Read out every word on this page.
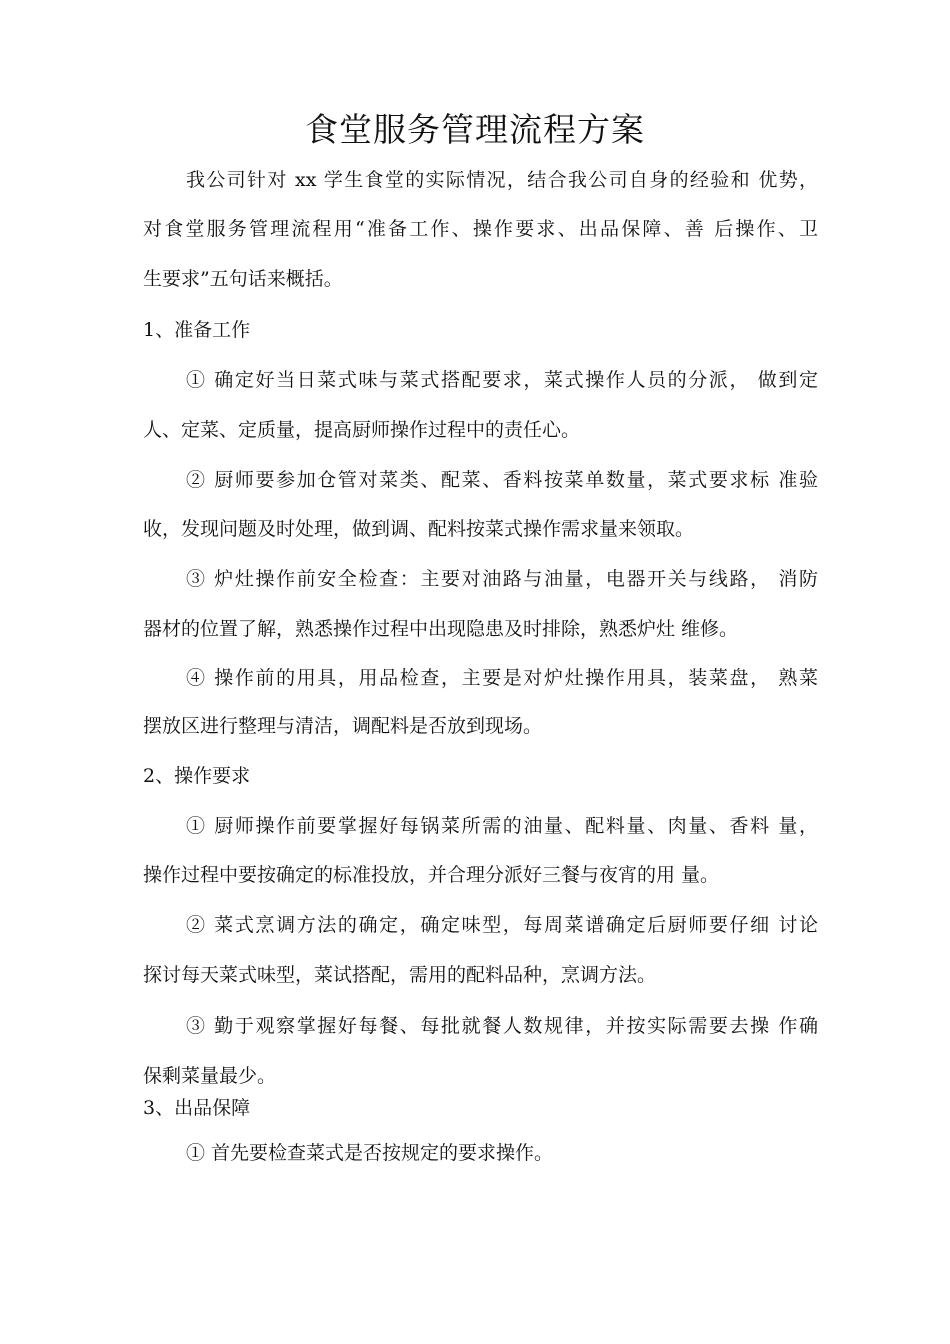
食堂服务管理流程方案
我公司针对 xx 学生食堂的实际情况，结合我公司自身的经验和 优势，
对食堂服务管理流程用“准备工作、操作要求、出品保障、善 后操作、卫
生要求”五句话来概括。
1、准备工作
① 确定好当日菜式味与菜式搭配要求，菜式操作人员的分派， 做到定
人、定菜、定质量，提高厨师操作过程中的责任心。
② 厨师要参加仓管对菜类、配菜、香料按菜单数量，菜式要求标 准验
收，发现问题及时处理，做到调、配料按菜式操作需求量来领取。
③ 炉灶操作前安全检查：主要对油路与油量，电器开关与线路， 消防
器材的位置了解，熟悉操作过程中出现隐患及时排除，熟悉炉灶 维修。
④ 操作前的用具，用品检查，主要是对炉灶操作用具，装菜盘， 熟菜
摆放区进行整理与清洁，调配料是否放到现场。
2、操作要求
① 厨师操作前要掌握好每锅菜所需的油量、配料量、肉量、香料 量，
操作过程中要按确定的标准投放，并合理分派好三餐与夜宵的用 量。
② 菜式烹调方法的确定，确定味型，每周菜谱确定后厨师要仔细 讨论
探讨每天菜式味型，菜试搭配，需用的配料品种，烹调方法。
③ 勤于观察掌握好每餐、每批就餐人数规律，并按实际需要去操 作确
保剩菜量最少。
3、出品保障
① 首先要检查菜式是否按规定的要求操作。
